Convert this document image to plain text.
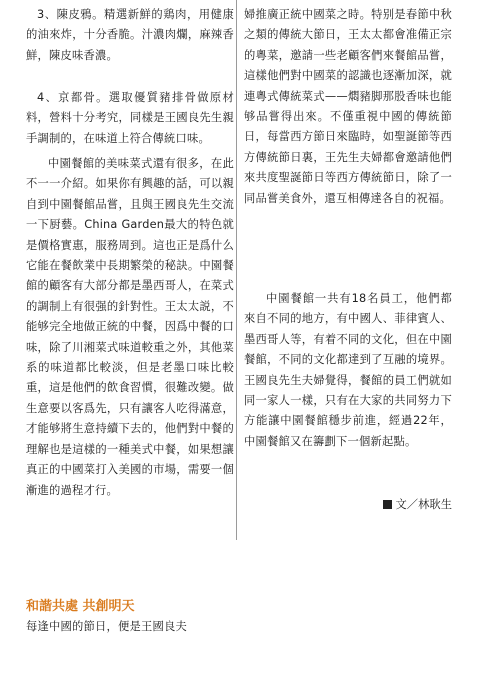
3、陳皮鴉。精選新鮮的鶏肉，用健康的油來炸，十分香脆。汁濃肉爛，麻辣香鮮，陳皮味香濃。

4、京都骨。選取優質豬排骨做原材料，營料十分考究，同樣是王國良先生親手調制的，在味道上符合傳統口味。

中園餐館的美味菜式還有很多，在此不一一介紹。如果你有興趣的話，可以親自到中園餐館品嘗，且與王國良先生交流一下厨藝。China Garden最大的特色就是價格實惠，服務周到。這也正是爲什么它能在餐飲業中長期繁榮的秘訣。中園餐館的顧客有大部分都是墨西哥人，在菜式的調制上有很强的針對性。王太太説，不能够完全地做正統的中餐，因爲中餐的口味，除了川湘菜式味道較重之外，其他菜系的味道都比較淡，但是老墨口味比較重，這是他們的飲食習慣，很難改變。做生意要以客爲先，只有讓客人吃得滿意，才能够將生意持續下去的，他們對中餐的理解也是這樣的一種美式中餐，如果想讓真正的中國菜打入美國的市場，需要一個漸進的過程才行。

和諧共處 共創明天

每逢中國的節日，便是王國良夫

婦推廣正統中國菜之時。特别是春節中秋之類的傳統大節日，王太太都會准備正宗的粵菜，邀請一些老顧客們來餐館品嘗，這樣他們對中國菜的認識也逐漸加深，就連粵式傳統菜式——燜豬脚那股香味也能够品嘗得出來。不僅重視中國的傳統節日，每當西方節日來臨時，如聖誕節等西方傳統節日裏，王先生夫婦都會邀請他們來共度聖誕節日等西方傳統節日，除了一同品嘗美食外，還互相傳達各自的祝福。

中園餐館一共有18名員工，他們都來自不同的地方，有中國人、菲律賓人、墨西哥人等，有着不同的文化，但在中園餐館，不同的文化都達到了互融的境界。王國良先生夫婦覺得，餐館的員工們就如同一家人一樣，只有在大家的共同努力下方能讓中園餐館穩步前進，經過22年，中園餐館又在籌劃下一個新起點。

文／林耿生
